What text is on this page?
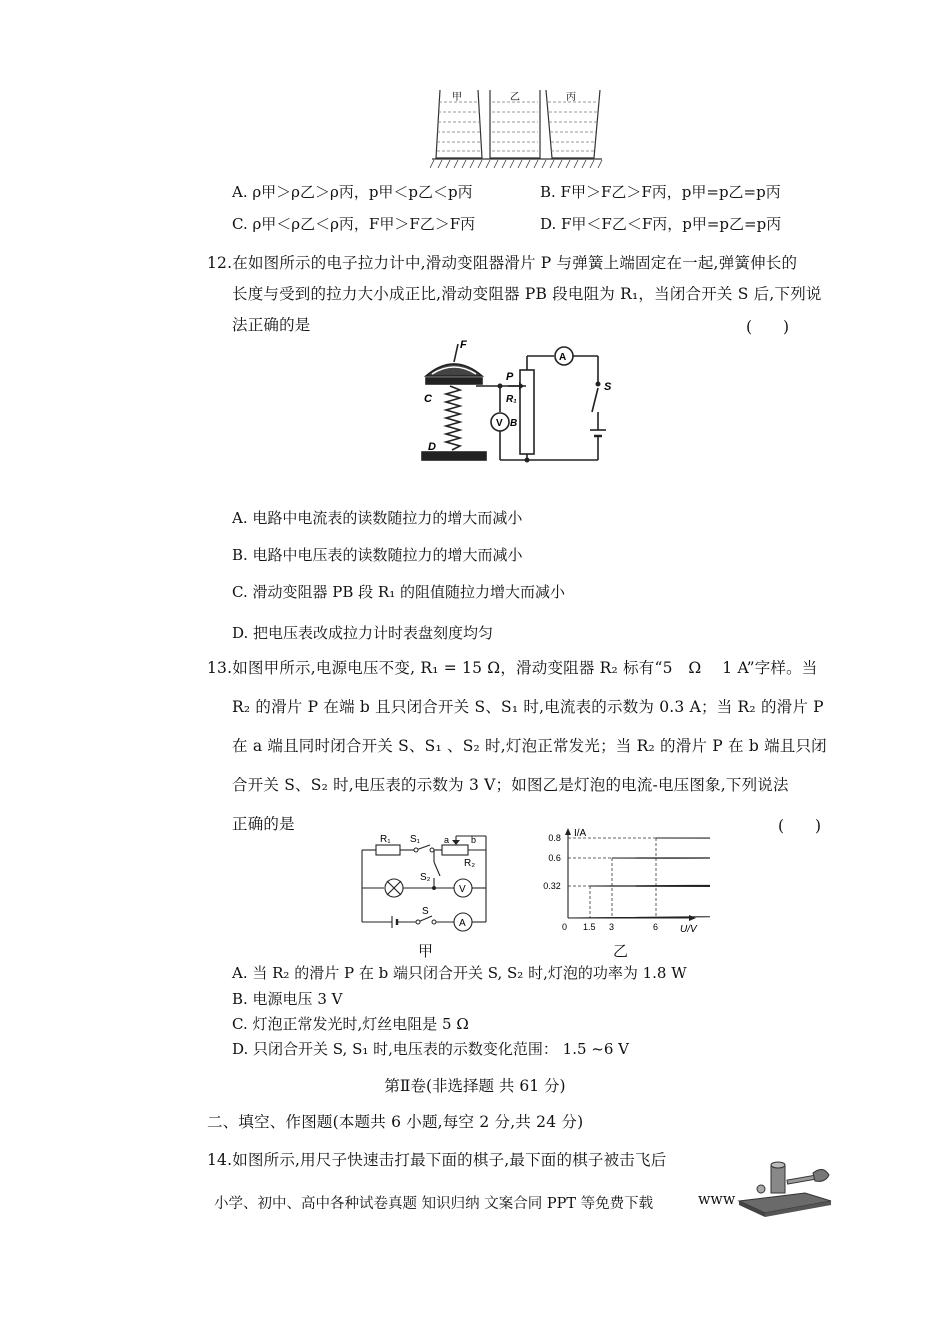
甲	乙	丙
A. ρ甲＞ρ乙＞ρ丙，p甲＜p乙＜p丙	B. F甲＞F乙＞F丙，p甲=p乙=p丙
C. ρ甲＜ρ乙＜ρ丙，F甲＞F乙＞F丙	D. F甲＜F乙＜F丙，p甲=p乙=p丙
12.在如图所示的电子拉力计中,滑动变阻器滑片 P 与弹簧上端固定在一起,弹簧伸长的
长度与受到的拉力大小成正比,滑动变阻器 PB 段电阻为 R₁，当闭合开关 S 后,下列说
法正确的是	(　　)
F
C
D
P
R₁
B
V
A
S
A. 电路中电流表的读数随拉力的增大而减小
B. 电路中电压表的读数随拉力的增大而减小
C. 滑动变阻器 PB 段 R₁ 的阻值随拉力增大而减小
D. 把电压表改成拉力计时表盘刻度均匀
13.如图甲所示,电源电压不变, R₁ = 15 Ω，滑动变阻器 R₂ 标有“5　Ω　 1 A”字样。当
R₂ 的滑片 P 在端 b 且只闭合开关 S、S₁ 时,电流表的示数为 0.3 A；当 R₂ 的滑片 P
在 a 端且同时闭合开关 S、S₁ 、S₂ 时,灯泡正常发光；当 R₂ 的滑片 P 在 b 端且只闭
合开关 S、S₂ 时,电压表的示数为 3 V；如图乙是灯泡的电流-电压图象,下列说法
正确的是	(　　)
R₁ S₁	a b
R₂
S₂
V
S
A
I/A
U/V
0 1.5 3	6
0.32
0.6
0.8
甲	乙
A. 当 R₂ 的滑片 P 在 b 端只闭合开关 S, S₂ 时,灯泡的功率为 1.8 W
B. 电源电压 3 V
C. 灯泡正常发光时,灯丝电阻是 5 Ω
D. 只闭合开关 S, S₁ 时,电压表的示数变化范围： 1.5 ~6 V
第Ⅱ卷(非选择题 共 61 分)
二、填空、作图题(本题共 6 小题,每空 2 分,共 24 分)
14.如图所示,用尺子快速击打最下面的棋子,最下面的棋子被击飞后
小学、初中、高中各种试卷真题 知识归纳 文案合同 PPT 等免费下载	www
